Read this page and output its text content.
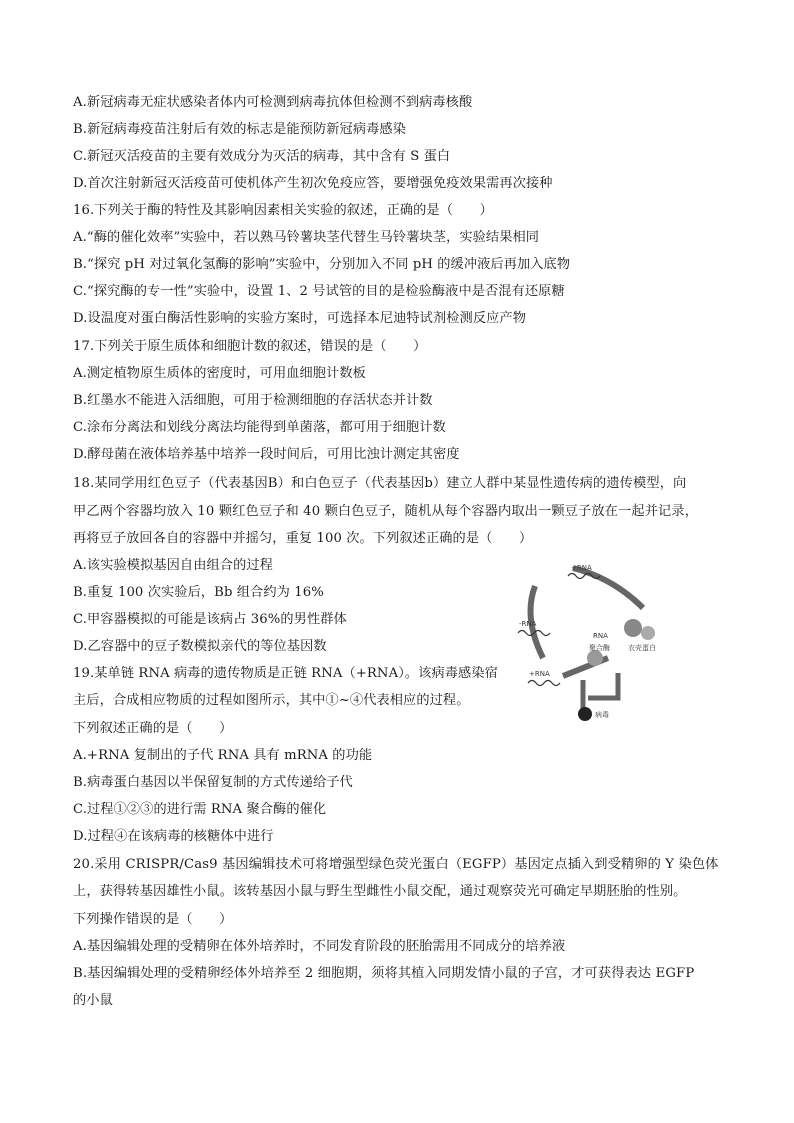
A.新冠病毒无症状感染者体内可检测到病毒抗体但检测不到病毒核酸
B.新冠病毒疫苗注射后有效的标志是能预防新冠病毒感染
C.新冠灭活疫苗的主要有效成分为灭活的病毒，其中含有 S 蛋白
D.首次注射新冠灭活疫苗可使机体产生初次免疫应答，要增强免疫效果需再次接种
16.下列关于酶的特性及其影响因素相关实验的叙述，正确的是（　　）
A.“酶的催化效率”实验中，若以熟马铃薯块茎代替生马铃薯块茎，实验结果相同
B.“探究 pH 对过氧化氢酶的影响”实验中，分别加入不同 pH 的缓冲液后再加入底物
C.“探究酶的专一性”实验中，设置 1、2 号试管的目的是检验酶液中是否混有还原糖
D.设温度对蛋白酶活性影响的实验方案时，可选择本尼迪特试剂检测反应产物
17.下列关于原生质体和细胞计数的叙述，错误的是（　　）
A.测定植物原生质体的密度时，可用血细胞计数板
B.红墨水不能进入活细胞，可用于检测细胞的存活状态并计数
C.涂布分离法和划线分离法均能得到单菌落，都可用于细胞计数
D.酵母菌在液体培养基中培养一段时间后，可用比浊计测定其密度
18.某同学用红色豆子（代表基因B）和白色豆子（代表基因b）建立人群中某显性遗传病的遗传模型，向
甲乙两个容器均放入 10 颗红色豆子和 40 颗白色豆子，随机从每个容器内取出一颗豆子放在一起并记录，
再将豆子放回各自的容器中并摇匀，重复 100 次。下列叙述正确的是（　　）
A.该实验模拟基因自由组合的过程
B.重复 100 次实验后，Bb 组合约为 16%
C.甲容器模拟的可能是该病占 36%的男性群体
D.乙容器中的豆子数模拟亲代的等位基因数
19.某单链 RNA 病毒的遗传物质是正链 RNA（+RNA）。该病毒感染宿
主后，合成相应物质的过程如图所示，其中①~④代表相应的过程。
下列叙述正确的是（　　）
A.+RNA 复制出的子代 RNA 具有 mRNA 的功能
B.病毒蛋白基因以半保留复制的方式传递给子代
C.过程①②③的进行需 RNA 聚合酶的催化
D.过程④在该病毒的核糖体中进行
20.采用 CRISPR/Cas9 基因编辑技术可将增强型绿色荧光蛋白（EGFP）基因定点插入到受精卵的 Y 染色体
上，获得转基因雄性小鼠。该转基因小鼠与野生型雌性小鼠交配，通过观察荧光可确定早期胚胎的性别。
下列操作错误的是（　　）
A.基因编辑处理的受精卵在体外培养时，不同发育阶段的胚胎需用不同成分的培养液
B.基因编辑处理的受精卵经体外培养至 2 细胞期，须将其植入同期发情小鼠的子宫，才可获得表达 EGFP
的小鼠
+RNA
-RNA
+RNA
RNA
聚合酶	衣壳蛋白
病毒
